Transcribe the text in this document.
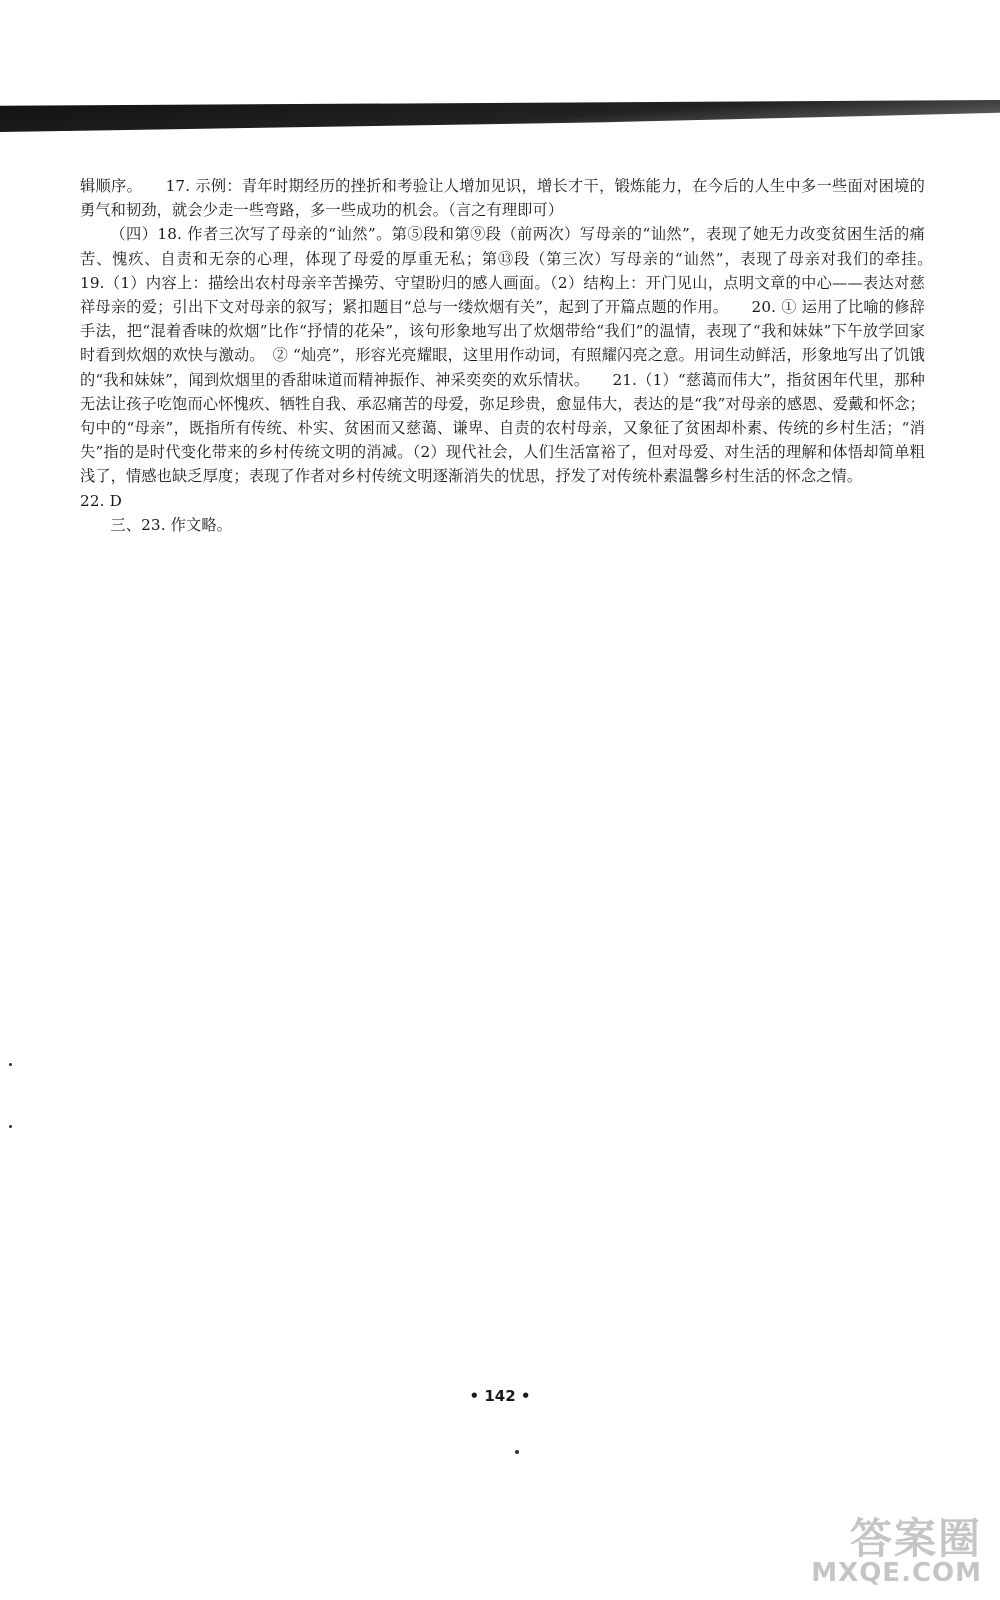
辑顺序。　　17. 示例：青年时期经历的挫折和考验让人增加见识，增长才干，锻炼能力，在今后的人生中多一些面对困境的勇气和韧劲，就会少走一些弯路，多一些成功的机会。（言之有理即可）

（四）18. 作者三次写了母亲的“讪然”。第⑤段和第⑨段（前两次）写母亲的“讪然”，表现了她无力改变贫困生活的痛苦、愧疚、自责和无奈的心理，体现了母爱的厚重无私；第⑬段（第三次）写母亲的“讪然”，表现了母亲对我们的牵挂。　　19.（1）内容上：描绘出农村母亲辛苦操劳、守望盼归的感人画面。（2）结构上：开门见山，点明文章的中心——表达对慈祥母亲的爱；引出下文对母亲的叙写；紧扣题目“总与一缕炊烟有关”，起到了开篇点题的作用。　　20. ① 运用了比喻的修辞手法，把“混着香味的炊烟”比作“抒情的花朵”，该句形象地写出了炊烟带给“我们”的温情，表现了“我和妹妹”下午放学回家时看到炊烟的欢快与激动。　② “灿亮”，形容光亮耀眼，这里用作动词，有照耀闪亮之意。用词生动鲜活，形象地写出了饥饿的“我和妹妹”，闻到炊烟里的香甜味道而精神振作、神采奕奕的欢乐情状。　　21.（1）“慈蔼而伟大”，指贫困年代里，那种无法让孩子吃饱而心怀愧疚、牺牲自我、承忍痛苦的母爱，弥足珍贵，愈显伟大，表达的是“我”对母亲的感恩、爱戴和怀念；句中的“母亲”，既指所有传统、朴实、贫困而又慈蔼、谦卑、自责的农村母亲，又象征了贫困却朴素、传统的乡村生活；“消失”指的是时代变化带来的乡村传统文明的消减。（2）现代社会，人们生活富裕了，但对母爱、对生活的理解和体悟却简单粗浅了，情感也缺乏厚度；表现了作者对乡村传统文明逐渐消失的忧思，抒发了对传统朴素温馨乡村生活的怀念之情。

22. D

三、23. 作文略。

• 142 •
答案圈
MXQE.COM
